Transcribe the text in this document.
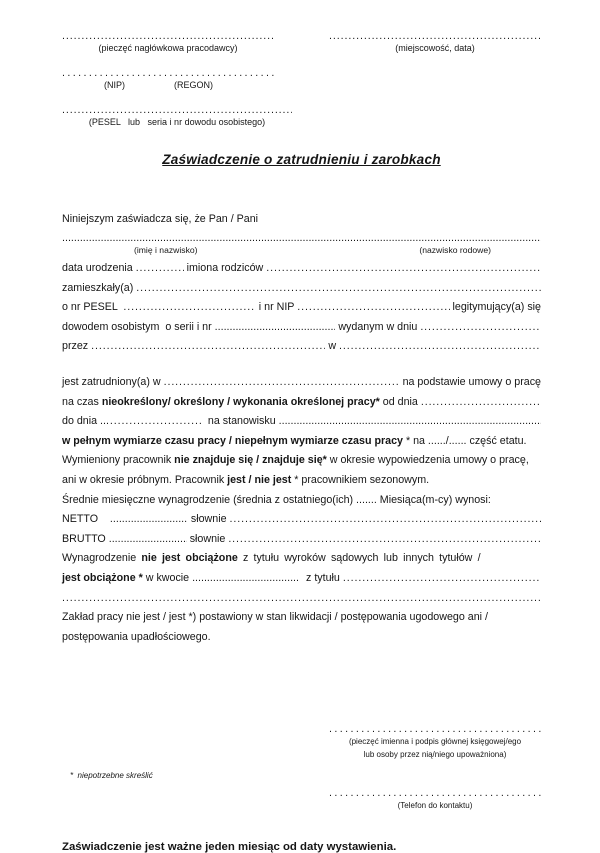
.....
(pieczęć nagłówkowa pracodawcy)
.....
(NIP)	(REGON)
.....
(PESEL   lub   seria i nr dowodu osobistego)
.....
(miejscowość, data)
Zaświadczenie o zatrudnieniu i zarobkach
Niniejszym zaświadcza się, że Pan / Pani
.....
(imię i nazwisko)	(nazwisko rodowe)
data urodzenia .....	imiona rodziców
.....
zamieszkały(a)
.....
o nr PESEL .....	i nr NIP .....	legitymujący(a) się
dowodem osobistym  o serii i nr .....	wydanym w dniu
.....
przez .....	w
.....
jest zatrudniony(a) w .....	na podstawie umowy o pracę
na czas nieokreślony/ określony / wykonania określonej pracy* od dnia
.....
do dnia .. .....	na stanowisku
.....
w pełnym wymiarze czasu pracy / niepełnym wymiarze czasu pracy * na ....../...... część etatu.
Wymieniony pracownik nie znajduje się / znajduje się* w okresie wypowiedzenia umowy o pracę,
ani w okresie próbnym. Pracownik jest / nie jest * pracownikiem sezonowym.
Średnie miesięczne wynagrodzenie (średnia z ostatniego(ich) ....... Miesiąca(m-cy) wynosi:
NETTO .....	słownie
.....
BRUTTO .....	słownie
.....
Wynagrodzenie nie jest obciążone z tytułu wyroków sądowych lub innych tytułów /
jest obciążone * w kwocie .....	z tytułu
.....
.....
Zakład pracy nie jest / jest *) postawiony w stan likwidacji / postępowania ugodowego ani /
postępowania upadłościowego.
.....
(pieczęć imienna i podpis głównej księgowej/ego
lub osoby przez nią/niego upoważniona)
*  niepotrzebne skreślić
.....
(Telefon do kontaktu)
Zaświadczenie jest ważne jeden miesiąc od daty wystawienia.
